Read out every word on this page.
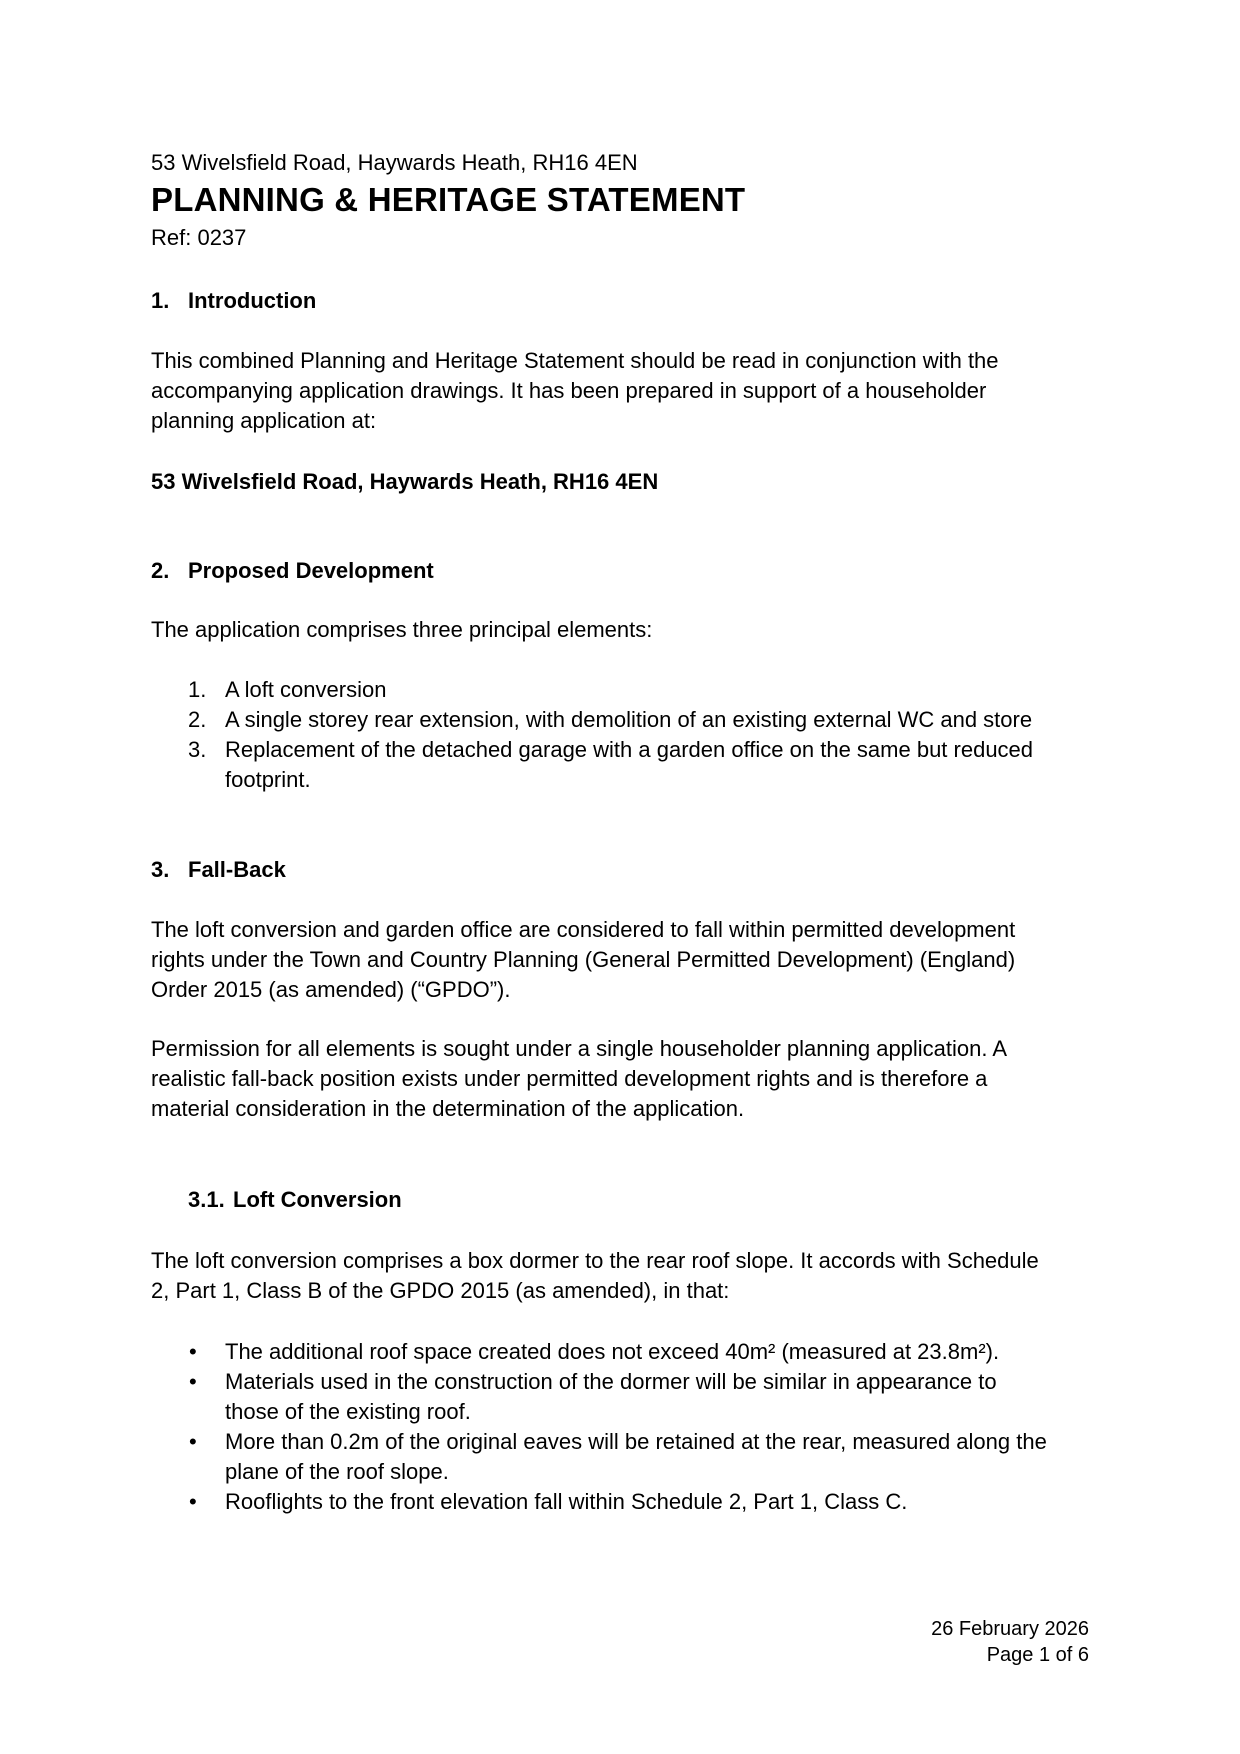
53 Wivelsfield Road, Haywards Heath, RH16 4EN
PLANNING & HERITAGE STATEMENT
Ref: 0237
1. Introduction
This combined Planning and Heritage Statement should be read in conjunction with the
accompanying application drawings. It has been prepared in support of a householder
planning application at:
53 Wivelsfield Road, Haywards Heath, RH16 4EN
2. Proposed Development
The application comprises three principal elements:
1. A loft conversion
2. A single storey rear extension, with demolition of an existing external WC and store
3. Replacement of the detached garage with a garden office on the same but reduced
footprint.
3. Fall-Back
The loft conversion and garden office are considered to fall within permitted development
rights under the Town and Country Planning (General Permitted Development) (England)
Order 2015 (as amended) (“GPDO”).
Permission for all elements is sought under a single householder planning application. A
realistic fall-back position exists under permitted development rights and is therefore a
material consideration in the determination of the application.
3.1. Loft Conversion
The loft conversion comprises a box dormer to the rear roof slope. It accords with Schedule
2, Part 1, Class B of the GPDO 2015 (as amended), in that:
• The additional roof space created does not exceed 40m² (measured at 23.8m²).
• Materials used in the construction of the dormer will be similar in appearance to
those of the existing roof.
• More than 0.2m of the original eaves will be retained at the rear, measured along the
plane of the roof slope.
• Rooflights to the front elevation fall within Schedule 2, Part 1, Class C.
26 February 2026
Page 1 of 6
